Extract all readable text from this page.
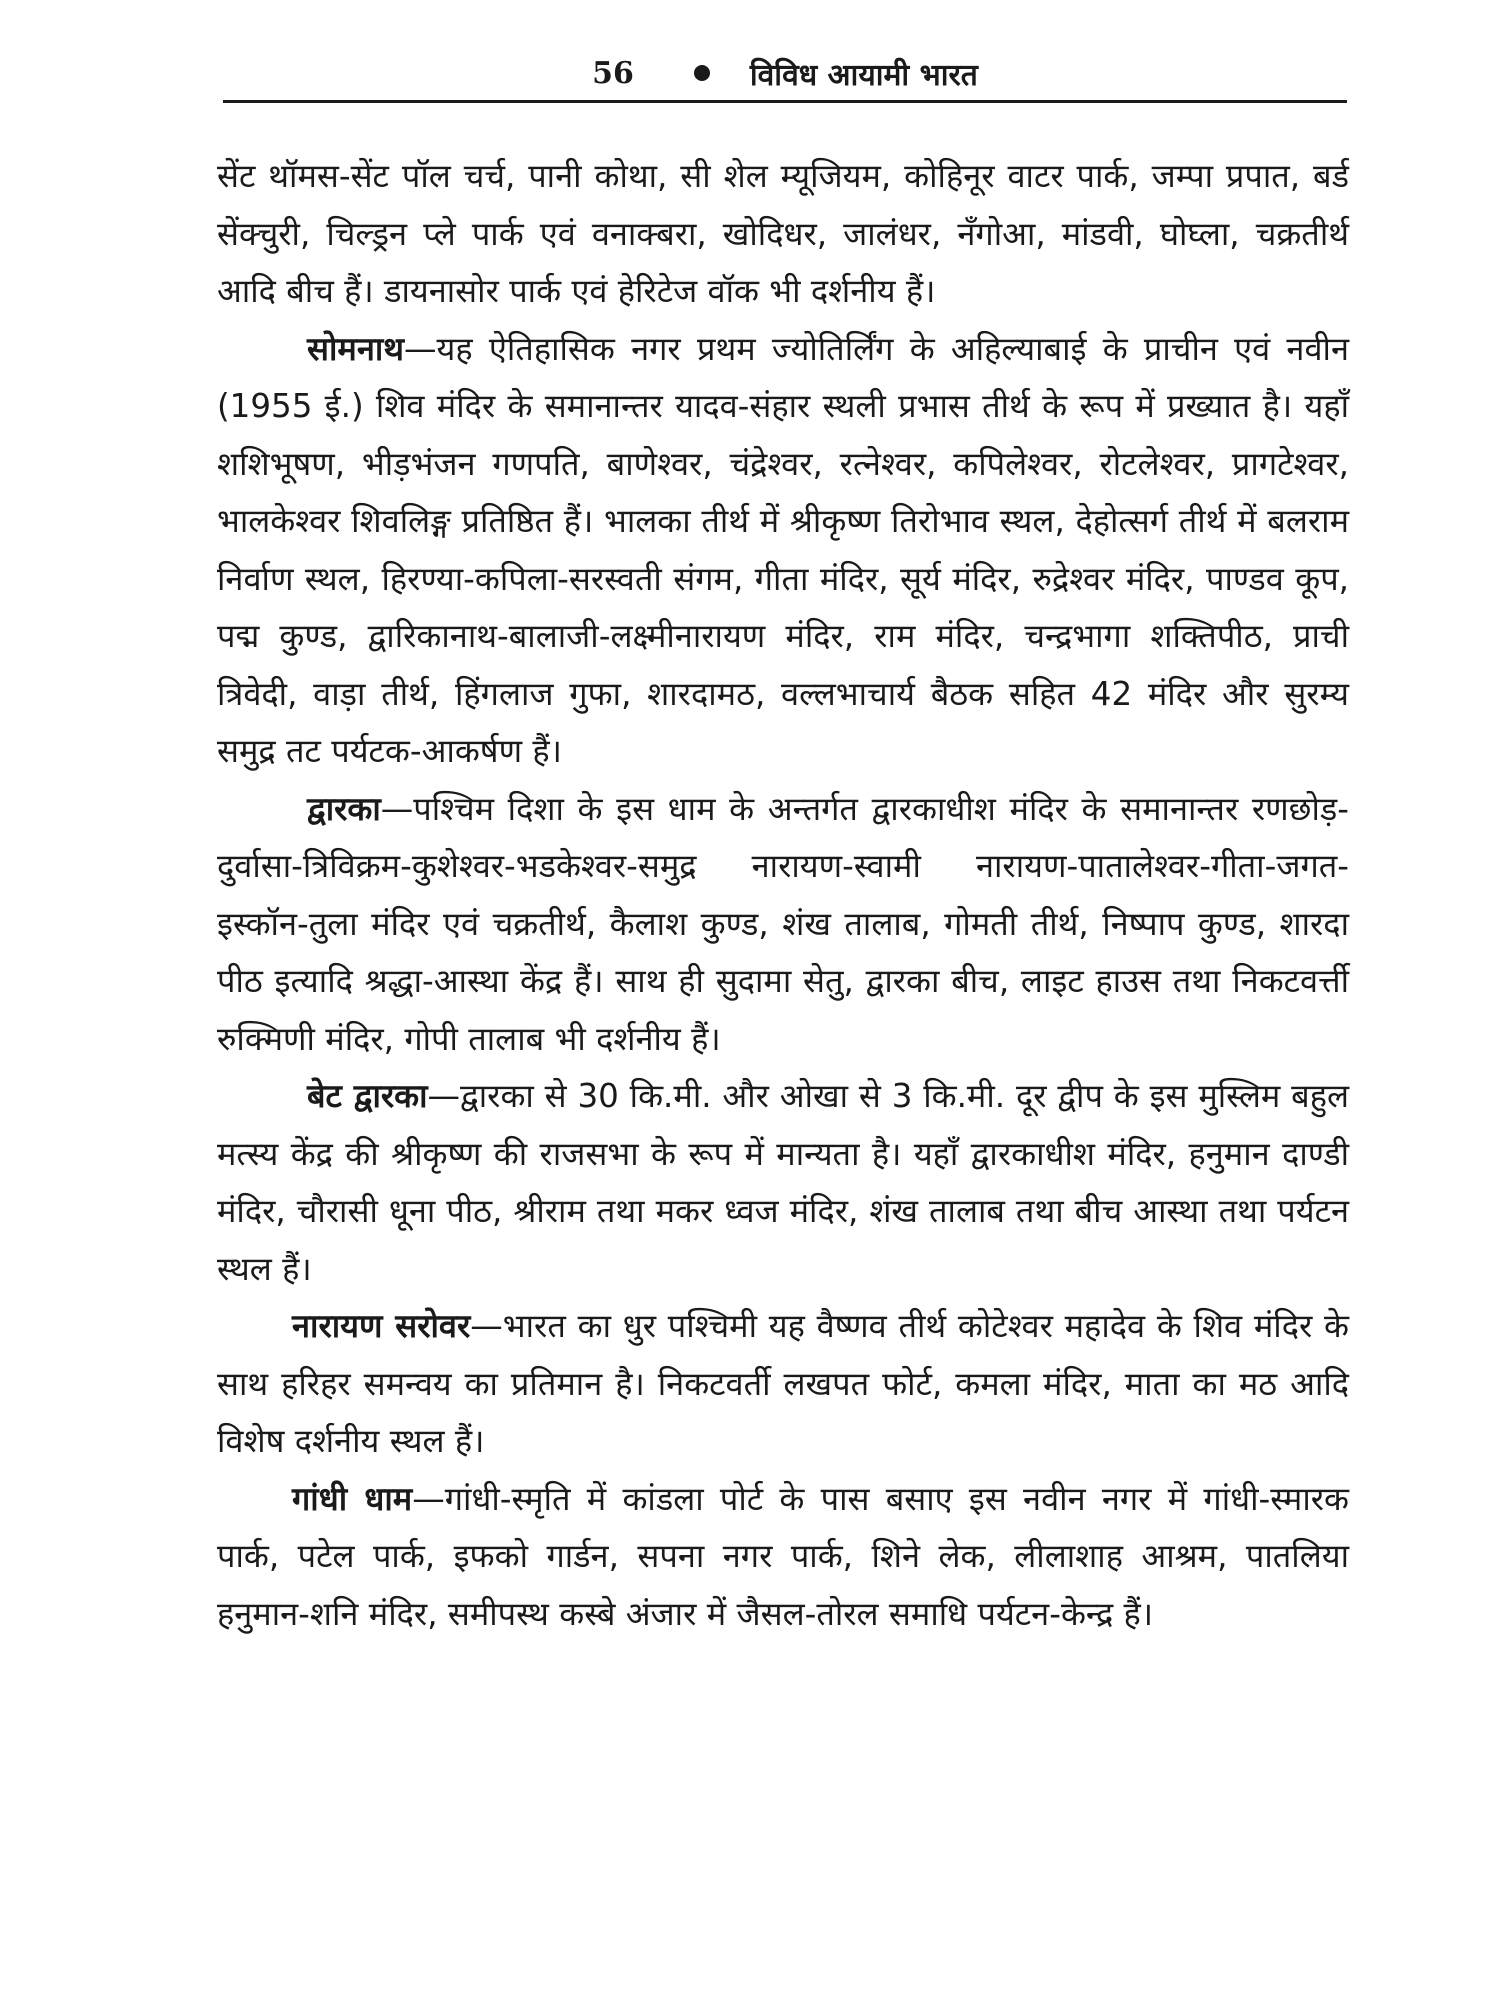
56	विविध आयामी भारत

सेंट थॉमस-सेंट पॉल चर्च, पानी कोथा, सी शेल म्यूजियम, कोहिनूर वाटर पार्क, जम्पा प्रपात, बर्ड सेंक्चुरी, चिल्ड्रन प्ले पार्क एवं वनाक्बरा, खोदिधर, जालंधर, नँगोआ, मांडवी, घोघ्ला, चक्रतीर्थ आदि बीच हैं। डायनासोर पार्क एवं हेरिटेज वॉक भी दर्शनीय हैं।

सोमनाथ—यह ऐतिहासिक नगर प्रथम ज्योतिर्लिंग के अहिल्याबाई के प्राचीन एवं नवीन (1955 ई.) शिव मंदिर के समानान्तर यादव-संहार स्थली प्रभास तीर्थ के रूप में प्रख्यात है। यहाँ शशिभूषण, भीड़भंजन गणपति, बाणेश्वर, चंद्रेश्वर, रत्नेश्वर, कपिलेश्वर, रोटलेश्वर, प्रागटेश्वर, भालकेश्वर शिवलिङ्ग प्रतिष्ठित हैं। भालका तीर्थ में श्रीकृष्ण तिरोभाव स्थल, देहोत्सर्ग तीर्थ में बलराम निर्वाण स्थल, हिरण्या-कपिला-सरस्वती संगम, गीता मंदिर, सूर्य मंदिर, रुद्रेश्वर मंदिर, पाण्डव कूप, पद्म कुण्ड, द्वारिकानाथ-बालाजी-लक्ष्मीनारायण मंदिर, राम मंदिर, चन्द्रभागा शक्तिपीठ, प्राची त्रिवेदी, वाड़ा तीर्थ, हिंगलाज गुफा, शारदामठ, वल्लभाचार्य बैठक सहित 42 मंदिर और सुरम्य समुद्र तट पर्यटक-आकर्षण हैं।

द्वारका—पश्चिम दिशा के इस धाम के अन्तर्गत द्वारकाधीश मंदिर के समानान्तर रणछोड़-दुर्वासा-त्रिविक्रम-कुशेश्वर-भडकेश्वर-समुद्र नारायण-स्वामी नारायण-पातालेश्वर-गीता-जगत-इस्कॉन-तुला मंदिर एवं चक्रतीर्थ, कैलाश कुण्ड, शंख तालाब, गोमती तीर्थ, निष्पाप कुण्ड, शारदा पीठ इत्यादि श्रद्धा-आस्था केंद्र हैं। साथ ही सुदामा सेतु, द्वारका बीच, लाइट हाउस तथा निकटवर्त्ती रुक्मिणी मंदिर, गोपी तालाब भी दर्शनीय हैं।

बेट द्वारका—द्वारका से 30 कि.मी. और ओखा से 3 कि.मी. दूर द्वीप के इस मुस्लिम बहुल मत्स्य केंद्र की श्रीकृष्ण की राजसभा के रूप में मान्यता है। यहाँ द्वारकाधीश मंदिर, हनुमान दाण्डी मंदिर, चौरासी धूना पीठ, श्रीराम तथा मकर ध्वज मंदिर, शंख तालाब तथा बीच आस्था तथा पर्यटन स्थल हैं।

नारायण सरोवर—भारत का धुर पश्चिमी यह वैष्णव तीर्थ कोटेश्वर महादेव के शिव मंदिर के साथ हरिहर समन्वय का प्रतिमान है। निकटवर्ती लखपत फोर्ट, कमला मंदिर, माता का मठ आदि विशेष दर्शनीय स्थल हैं।

गांधी धाम—गांधी-स्मृति में कांडला पोर्ट के पास बसाए इस नवीन नगर में गांधी-स्मारक पार्क, पटेल पार्क, इफको गार्डन, सपना नगर पार्क, शिने लेक, लीलाशाह आश्रम, पातलिया हनुमान-शनि मंदिर, समीपस्थ कस्बे अंजार में जैसल-तोरल समाधि पर्यटन-केन्द्र हैं।
